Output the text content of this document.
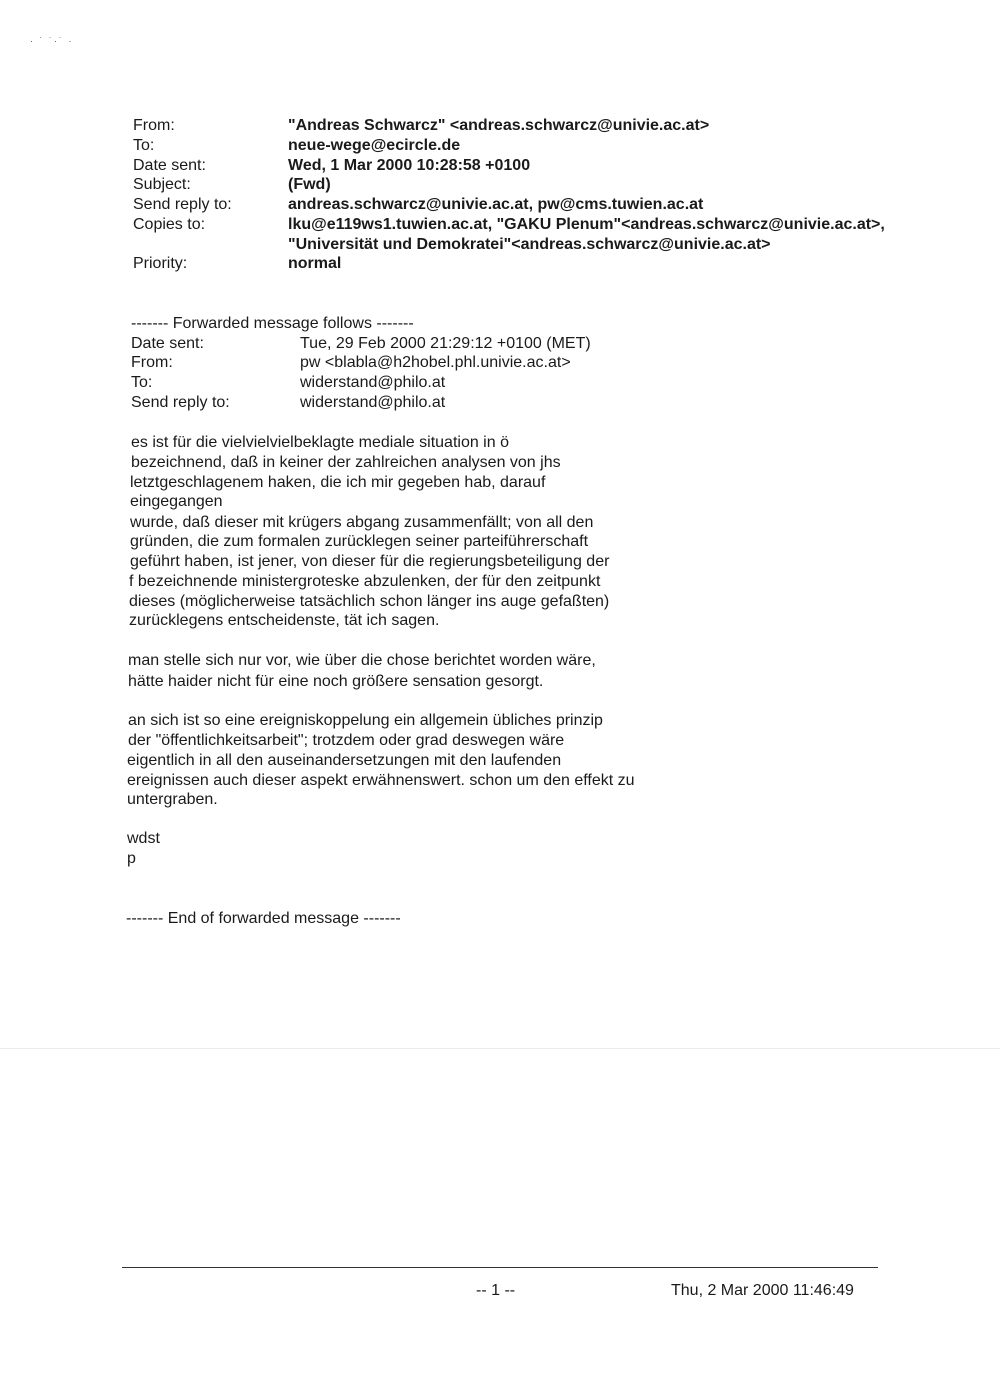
· ˙ ˙·˙ ·
From:	"Andreas Schwarcz" <andreas.schwarcz@univie.ac.at>
To:	neue-wege@ecircle.de
Date sent:	Wed, 1 Mar 2000 10:28:58 +0100
Subject:	(Fwd)
Send reply to:	andreas.schwarcz@univie.ac.at, pw@cms.tuwien.ac.at
Copies to:	lku@e119ws1.tuwien.ac.at, "GAKU Plenum"<andreas.schwarcz@univie.ac.at>,
"Universität und Demokratei"<andreas.schwarcz@univie.ac.at>
Priority:	normal
------- Forwarded message follows -------
Date sent:	Tue, 29 Feb 2000 21:29:12 +0100 (MET)
From:	pw <blabla@h2hobel.phl.univie.ac.at>
To:	widerstand@philo.at
Send reply to:	widerstand@philo.at
es ist für die vielvielvielbeklagte mediale situation in ö
bezeichnend, daß in keiner der zahlreichen analysen von jhs
letztgeschlagenem haken, die ich mir gegeben hab, darauf
eingegangen
wurde, daß dieser mit krügers abgang zusammenfällt; von all den
gründen, die zum formalen zurücklegen seiner parteiführerschaft
geführt haben, ist jener, von dieser für die regierungsbeteiligung der
f bezeichnende ministergroteske abzulenken, der für den zeitpunkt
dieses (möglicherweise tatsächlich schon länger ins auge gefaßten)
zurücklegens entscheidenste, tät ich sagen.
man stelle sich nur vor, wie über die chose berichtet worden wäre,
hätte haider nicht für eine noch größere sensation gesorgt.
an sich ist so eine ereigniskoppelung ein allgemein übliches prinzip
der "öffentlichkeitsarbeit"; trotzdem oder grad deswegen wäre
eigentlich in all den auseinandersetzungen mit den laufenden
ereignissen auch dieser aspekt erwähnenswert. schon um den effekt zu
untergraben.
wdst
p
------- End of forwarded message -------
-- 1 --	Thu, 2 Mar 2000 11:46:49
